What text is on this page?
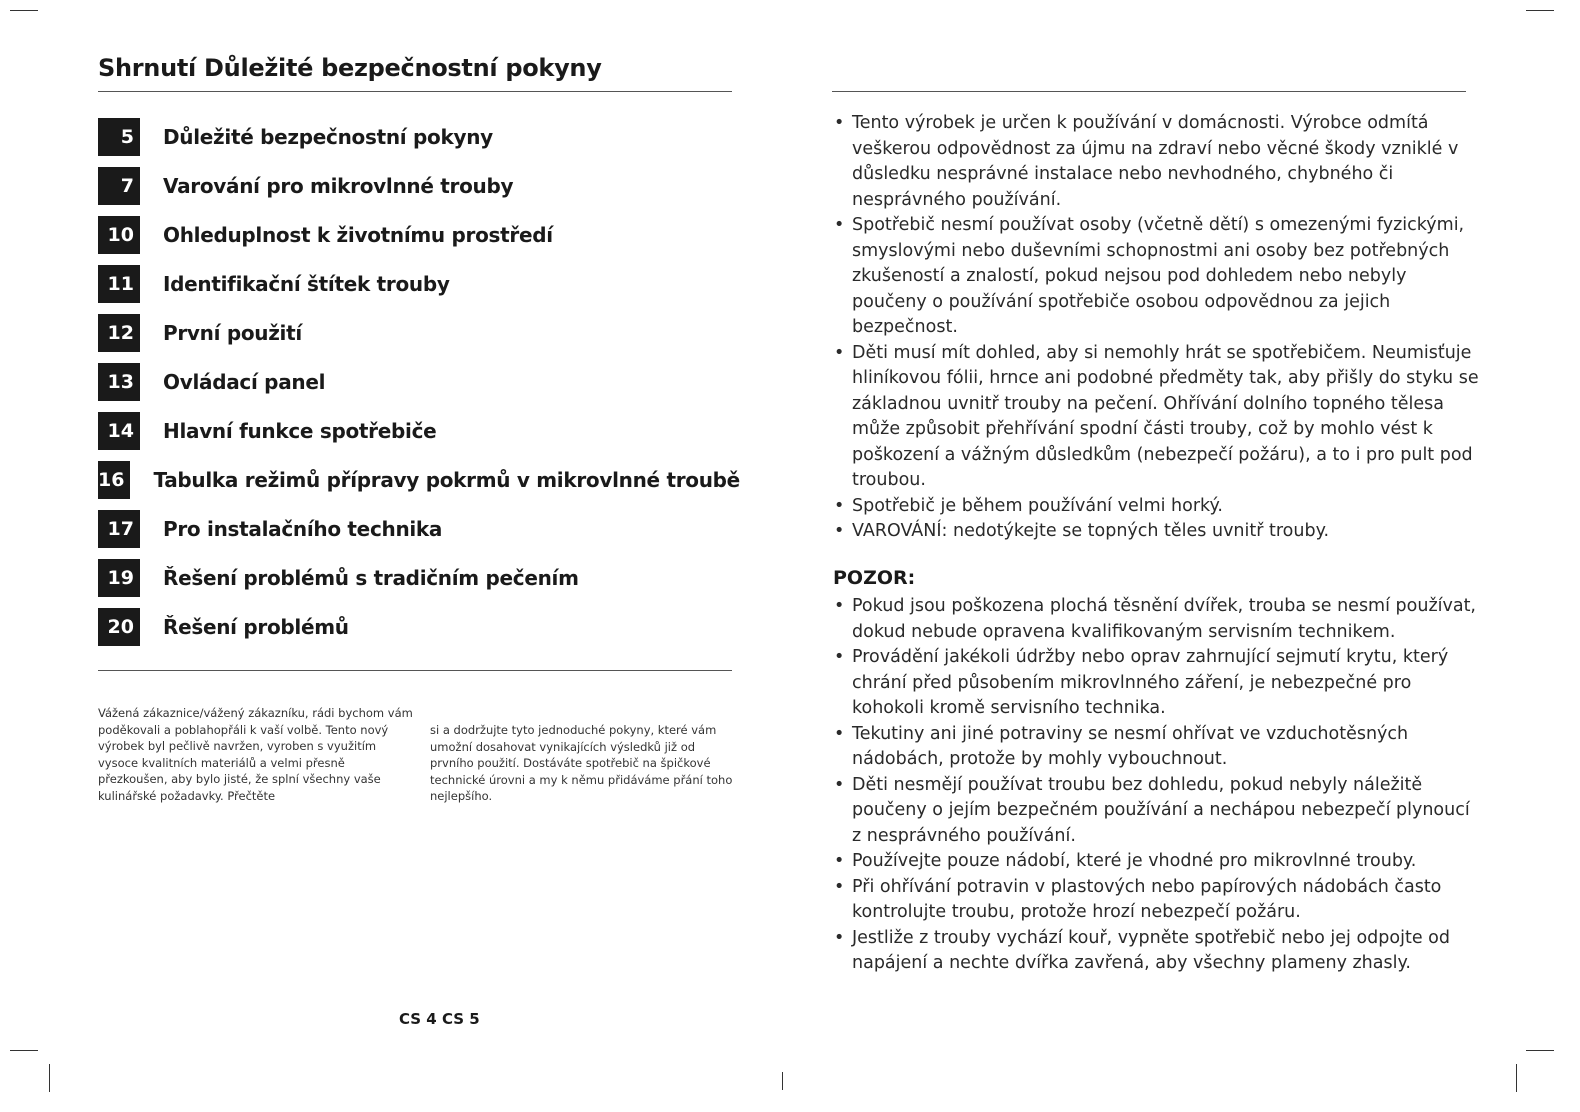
Shrnutí Důležité bezpečnostní pokyny
5	Důležité bezpečnostní pokyny
7	Varování pro mikrovlnné trouby
10	Ohleduplnost k životnímu prostředí
11	Identifikační štítek trouby
12	První použití
13	Ovládací panel
14	Hlavní funkce spotřebiče
16	Tabulka režimů přípravy pokrmů v mikrovlnné troubě
17	Pro instalačního technika
19	Řešení problémů s tradičním pečením
20	Řešení problémů

Vážená zákaznice/vážený zákazníku, rádi bychom vám poděkovali a poblahopřáli k vaší volbě. Tento nový výrobek byl pečlivě navržen, vyroben s využitím vysoce kvalitních materiálů a velmi přesně přezkoušen, aby bylo jisté, že splní všechny vaše kulinářské požadavky. Přečtěte

si a dodržujte tyto jednoduché pokyny, které vám umožní dosahovat vynikajících výsledků již od prvního použití. Dostáváte spotřebič na špičkové technické úrovni a my k němu přidáváme přání toho nejlepšího.

CS 4 CS 5
• Tento výrobek je určen k používání v domácnosti. Výrobce odmítá veškerou odpovědnost za újmu na zdraví nebo věcné škody vzniklé v důsledku nesprávné instalace nebo nevhodného, chybného či nesprávného používání.
• Spotřebič nesmí používat osoby (včetně dětí) s omezenými fyzickými, smyslovými nebo duševními schopnostmi ani osoby bez potřebných zkušeností a znalostí, pokud nejsou pod dohledem nebo nebyly poučeny o používání spotřebiče osobou odpovědnou za jejich bezpečnost.
• Děti musí mít dohled, aby si nemohly hrát se spotřebičem. Neumisťuje hliníkovou fólii, hrnce ani podobné předměty tak, aby přišly do styku se základnou uvnitř trouby na pečení. Ohřívání dolního topného tělesa může způsobit přehřívání spodní části trouby, což by mohlo vést k poškození a vážným důsledkům (nebezpečí požáru), a to i pro pult pod troubou.
• Spotřebič je během používání velmi horký.
• VAROVÁNÍ: nedotýkejte se topných těles uvnitř trouby.
POZOR:
• Pokud jsou poškozena plochá těsnění dvířek, trouba se nesmí používat, dokud nebude opravena kvalifikovaným servisním technikem.
• Provádění jakékoli údržby nebo oprav zahrnující sejmutí krytu, který chrání před působením mikrovlnného záření, je nebezpečné pro kohokoli kromě servisního technika.
• Tekutiny ani jiné potraviny se nesmí ohřívat ve vzduchotěsných nádobách, protože by mohly vybouchnout.
• Děti nesmějí používat troubu bez dohledu, pokud nebyly náležitě poučeny o jejím bezpečném používání a nechápou nebezpečí plynoucí z nesprávného používání.
• Používejte pouze nádobí, které je vhodné pro mikrovlnné trouby.
• Při ohřívání potravin v plastových nebo papírových nádobách často kontrolujte troubu, protože hrozí nebezpečí požáru.
• Jestliže z trouby vychází kouř, vypněte spotřebič nebo jej odpojte od napájení a nechte dvířka zavřená, aby všechny plameny zhasly.
